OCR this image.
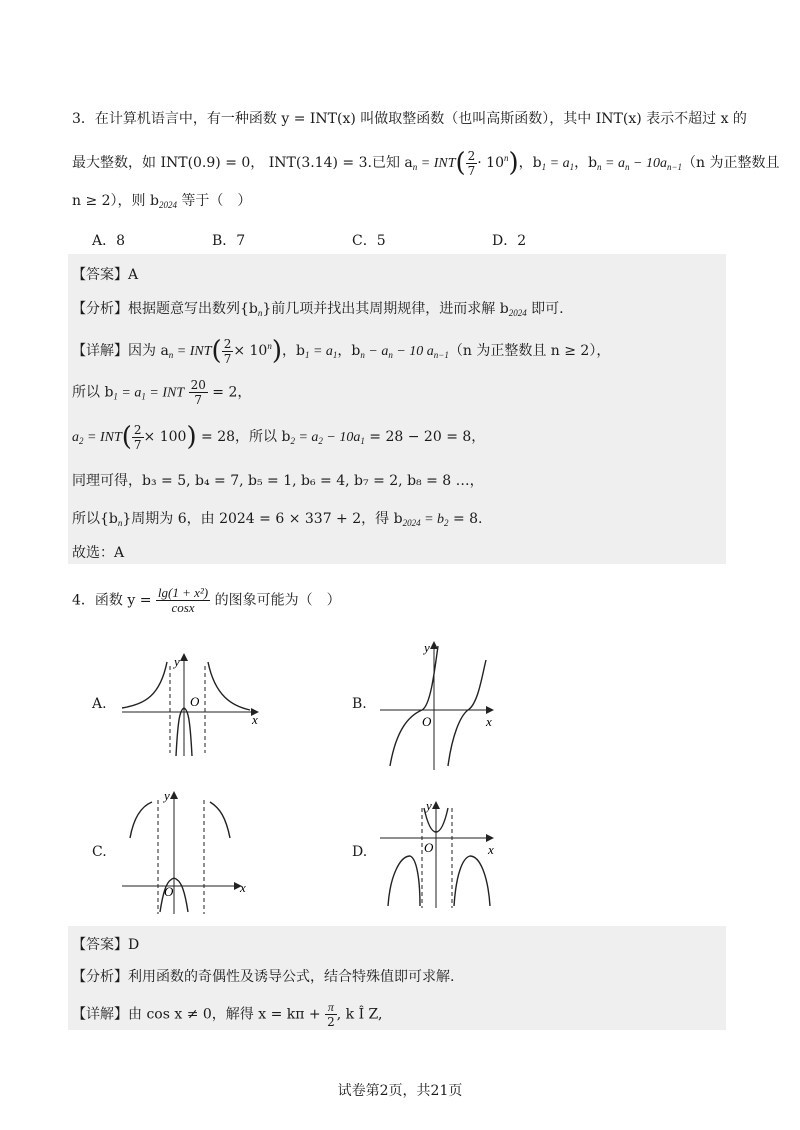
3．在计算机语言中，有一种函数 y = INT(x) 叫做取整函数（也叫高斯函数），其中 INT(x) 表示不超过 x 的
最大整数，如 INT(0.9) = 0， INT(3.14) = 3.已知 $a_n = INT( \frac{2}{7} \cdot 10^n)$，$b_1 = a_1$，$b_n = a_n - 10a_{n-1}(n$ 为正整数且
n ≥ 2），则 $b_{2024}$ 等于（　）
A．8	B．7	C．5	D．2
【答案】A
【分析】根据题意写出数列$\{b_n\}$前几项并找出其周期规律，进而求解 $b_{2024}$ 即可.
【详解】因为 $a_n = INT( \frac{2}{7} \times 10^n)$，$b_1 = a_1$，$b_n - a_n - 10$ $a_{n-1}(n$ 为正整数且 n ≥ 2），
所以 $b_1 = a_1$ = INT $\frac{20}{7} = 2$，
$a_2 = INT( \frac{2}{7} \times 100) = 28$，所以 $b_2 = a_2 - 10a_1 = 28 - 20 = 8$，
同理可得，b₃ = 5, b₄ = 7, b₅ = 1, b₆ = 4, b₇ = 2, b₈ = 8 …，
所以$\{b_n\}$周期为 6，由 2024 = 6 × 337 + 2，得 $b_{2024} = b_2 = 8$.
故选：A
4．函数 $y = \frac{\text{lg(1 + x²)}}{\cos x}$ 的图象可能为（　）
A.
y
O
x
B.
y
O	x
C.
y
O	x
D.
y
O	x
【答案】D
【分析】利用函数的奇偶性及诱导公式，结合特殊值即可求解.
【详解】由 cos x ≠ 0，解得 $x = k\pi + \frac{\pi}{2}$ , k Î Z,
试卷第2页，共21页
